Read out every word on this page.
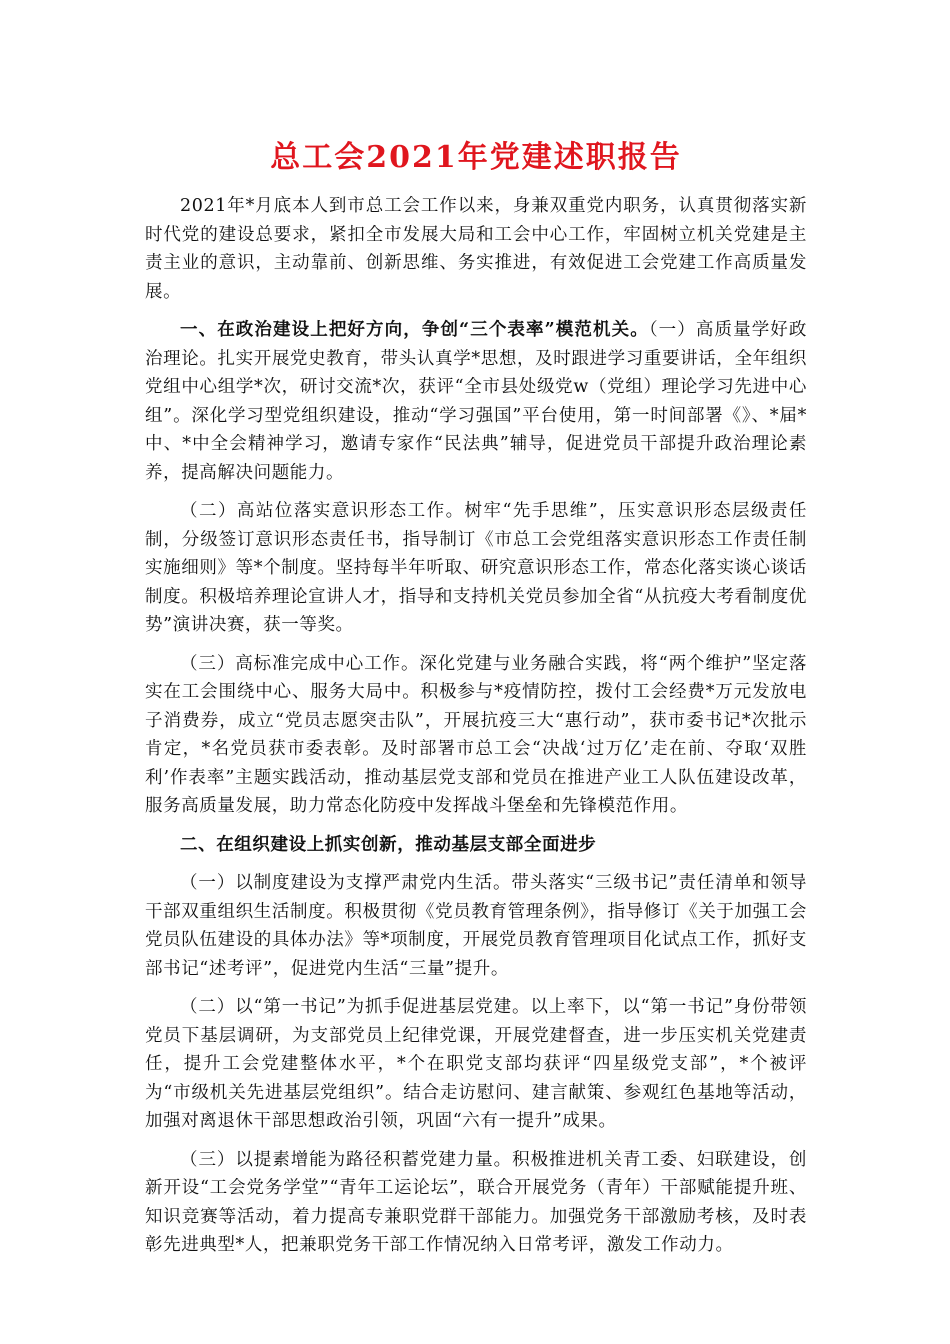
总工会2021年党建述职报告

2021年*月底本人到市总工会工作以来，身兼双重党内职务，认真贯彻落实新时代党的建设总要求，紧扣全市发展大局和工会中心工作，牢固树立机关党建是主责主业的意识，主动靠前、创新思维、务实推进，有效促进工会党建工作高质量发展。

一、在政治建设上把好方向，争创“三个表率”模范机关。（一）高质量学好政治理论。扎实开展党史教育，带头认真学*思想，及时跟进学习重要讲话，全年组织党组中心组学*次，研讨交流*次，获评“全市县处级党w（党组）理论学习先进中心组”。深化学习型党组织建设，推动“学习强国”平台使用，第一时间部署《》、*届*中、*中全会精神学习，邀请专家作“民法典”辅导，促进党员干部提升政治理论素养，提高解决问题能力。

（二）高站位落实意识形态工作。树牢“先手思维”，压实意识形态层级责任制，分级签订意识形态责任书，指导制订《市总工会党组落实意识形态工作责任制实施细则》等*个制度。坚持每半年听取、研究意识形态工作，常态化落实谈心谈话制度。积极培养理论宣讲人才，指导和支持机关党员参加全省“从抗疫大考看制度优势”演讲决赛，获一等奖。

（三）高标准完成中心工作。深化党建与业务融合实践，将“两个维护”坚定落实在工会围绕中心、服务大局中。积极参与*疫情防控，拨付工会经费*万元发放电子消费券，成立“党员志愿突击队”，开展抗疫三大“惠行动”，获市委书记*次批示肯定，*名党员获市委表彰。及时部署市总工会“决战‘过万亿’走在前、夺取‘双胜利’作表率”主题实践活动，推动基层党支部和党员在推进产业工人队伍建设改革，服务高质量发展，助力常态化防疫中发挥战斗堡垒和先锋模范作用。

二、在组织建设上抓实创新，推动基层支部全面进步

（一）以制度建设为支撑严肃党内生活。带头落实“三级书记”责任清单和领导干部双重组织生活制度。积极贯彻《党员教育管理条例》，指导修订《关于加强工会党员队伍建设的具体办法》等*项制度，开展党员教育管理项目化试点工作，抓好支部书记“述考评”，促进党内生活“三量”提升。

（二）以“第一书记”为抓手促进基层党建。以上率下，以“第一书记”身份带领党员下基层调研，为支部党员上纪律党课，开展党建督查，进一步压实机关党建责任，提升工会党建整体水平，*个在职党支部均获评“四星级党支部”，*个被评为“市级机关先进基层党组织”。结合走访慰问、建言献策、参观红色基地等活动，加强对离退休干部思想政治引领，巩固“六有一提升”成果。

（三）以提素增能为路径积蓄党建力量。积极推进机关青工委、妇联建设，创新开设“工会党务学堂”“青年工运论坛”，联合开展党务（青年）干部赋能提升班、知识竞赛等活动，着力提高专兼职党群干部能力。加强党务干部激励考核，及时表彰先进典型*人，把兼职党务干部工作情况纳入日常考评，激发工作动力。
